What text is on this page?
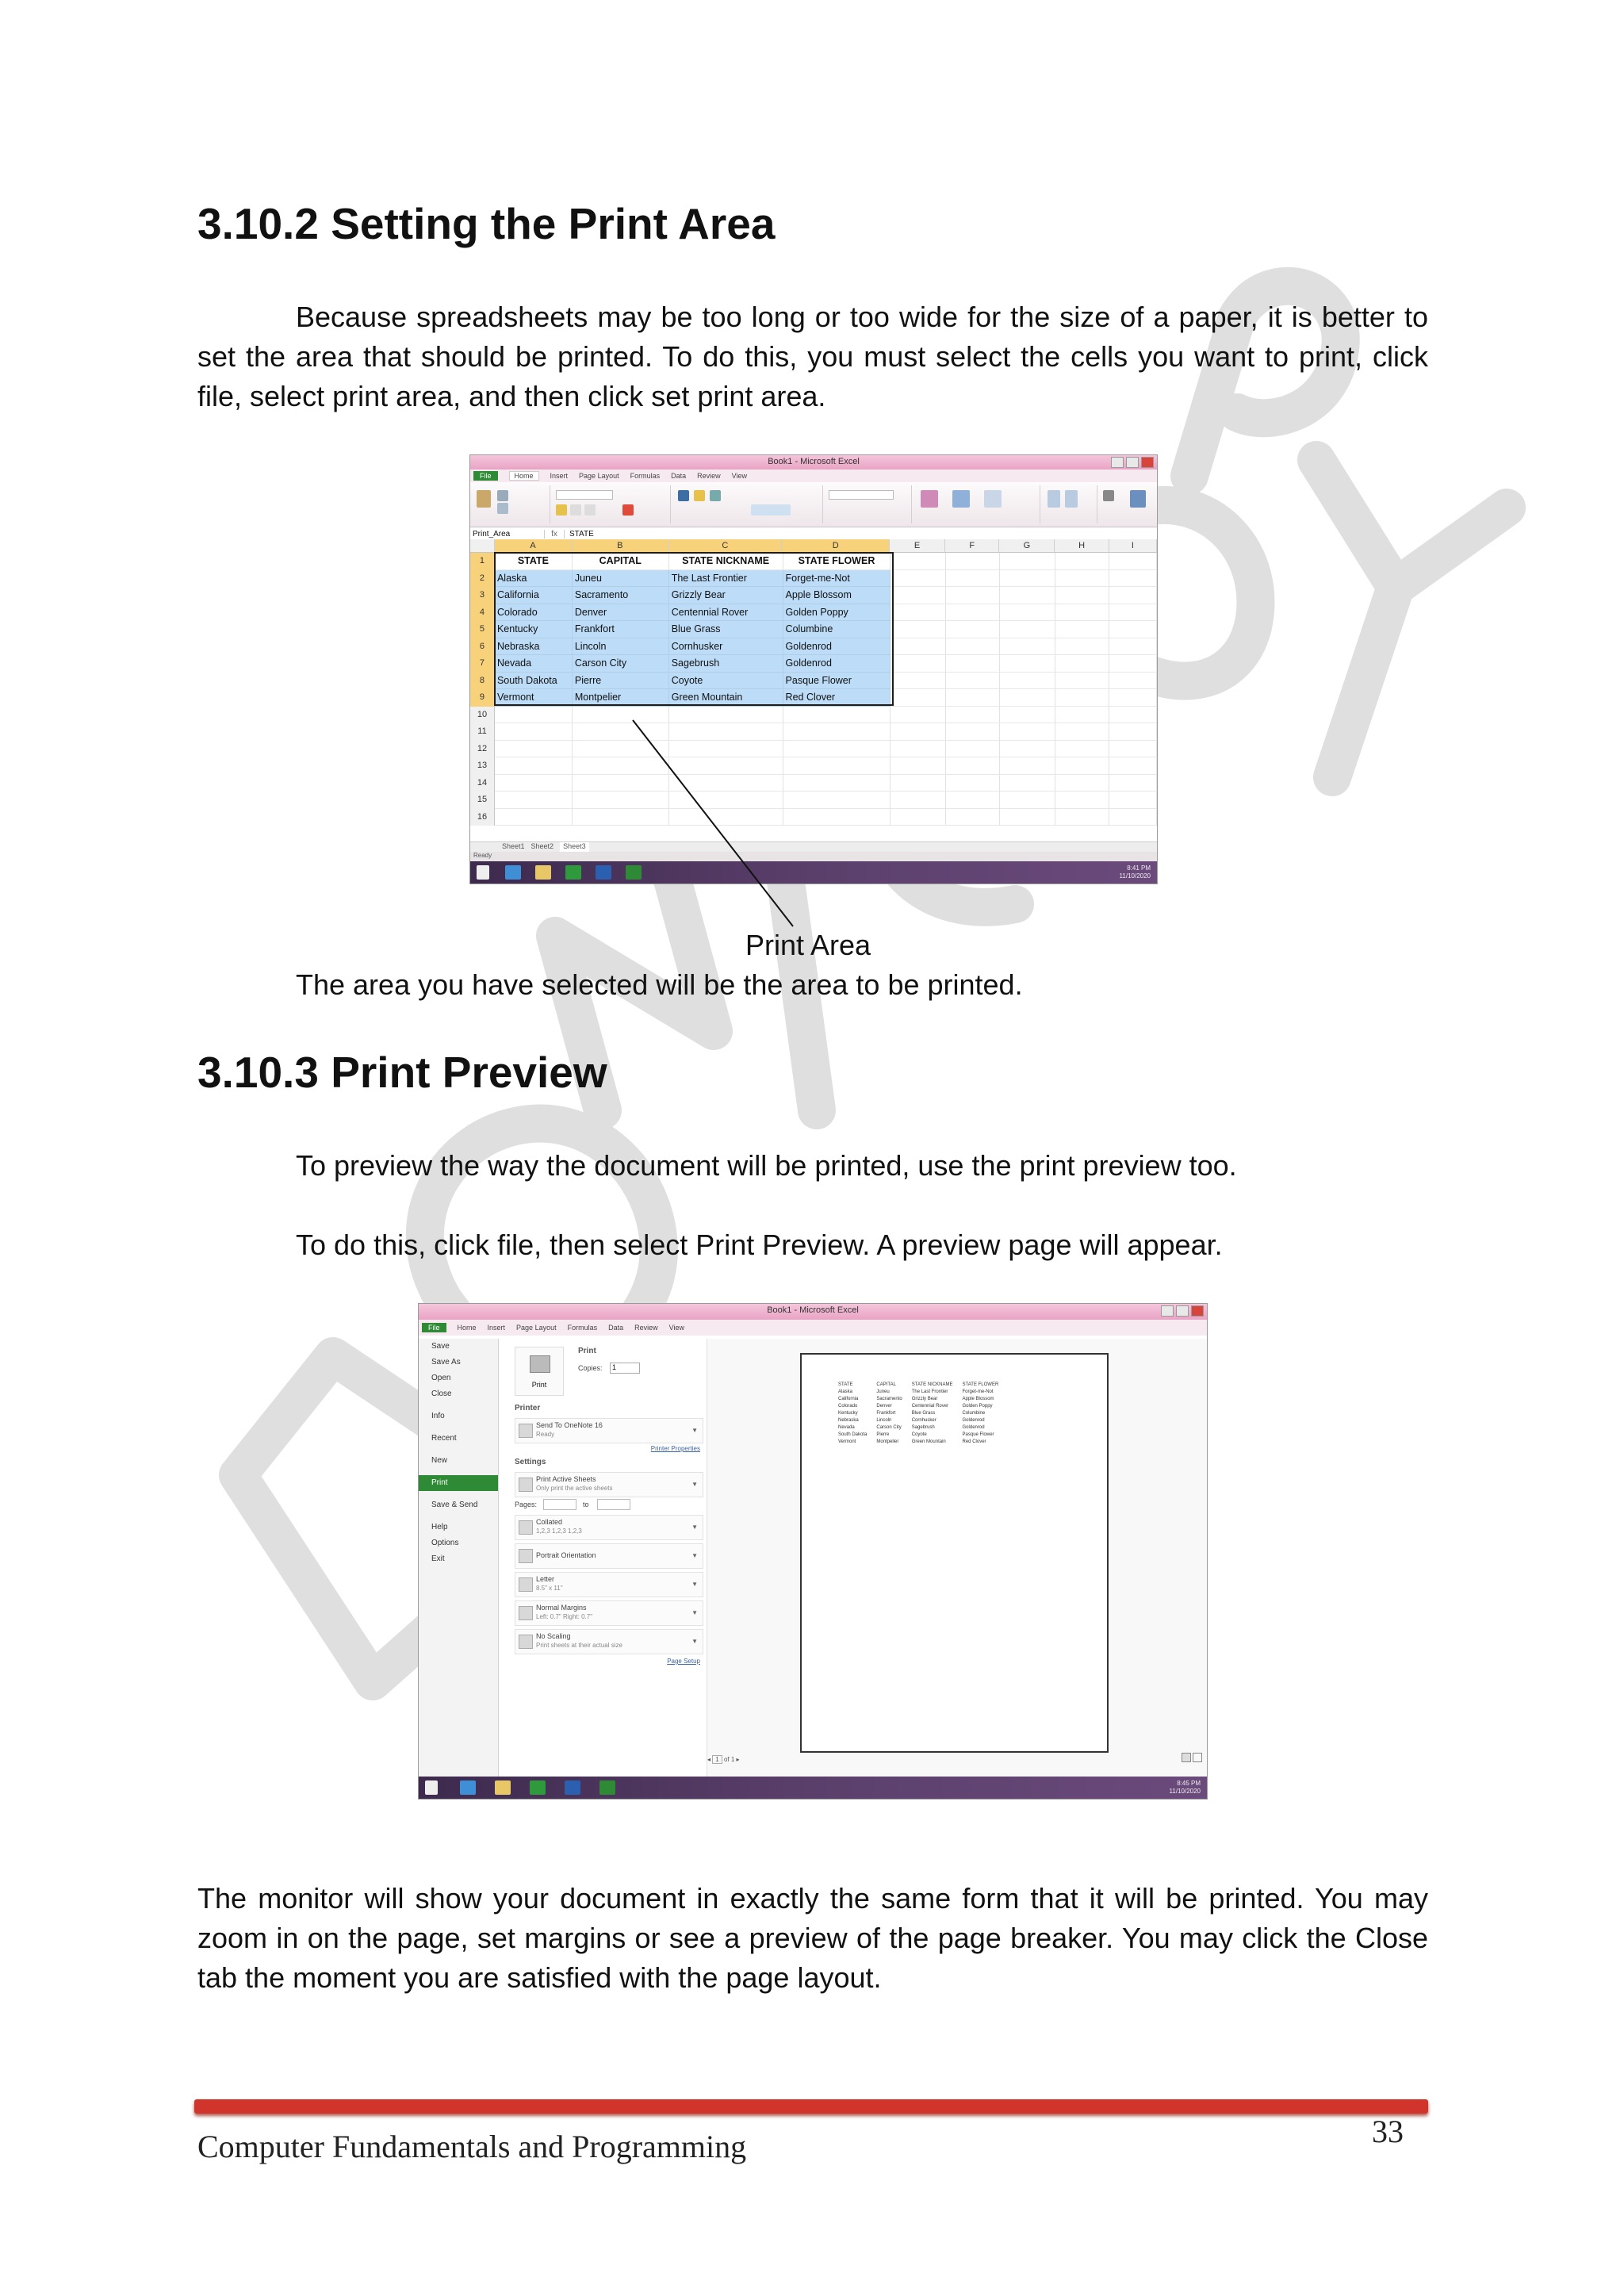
3.10.2 Setting the Print Area
Because spreadsheets may be too long or too wide for the size of a paper, it is better to set the area that should be printed. To do this, you must select the cells you want to print, click file, select print area, and then click set print area.
Book1 - Microsoft Excel
File	Home	Insert Page Layout Formulas Data Review View
Print_Area	fx	STATE
A	B	C	D	E	F	G	H	I
1	STATE	CAPITAL	STATE NICKNAME	STATE FLOWER
2	Alaska	Juneu	The Last Frontier	Forget-me-Not
3	California	Sacramento	Grizzly Bear	Apple Blossom
4	Colorado	Denver	Centennial Rover	Golden Poppy
5	Kentucky	Frankfort	Blue Grass	Columbine
6	Nebraska	Lincoln	Cornhusker	Goldenrod
7	Nevada	Carson City	Sagebrush	Goldenrod
8	South Dakota	Pierre	Coyote	Pasque Flower
9	Vermont	Montpelier	Green Mountain	Red Clover
10
11
12
13
14
15
16
Sheet1 Sheet2	Sheet3
Ready
8:41 PM
11/10/2020
Print Area
The area you have selected will be the area to be printed.
3.10.3 Print Preview
To preview the way the document will be printed, use the print preview too.
To do this, click file, then select Print Preview. A preview page will appear.
Book1 - Microsoft Excel
File	Home Insert Page Layout Formulas Data Review View
Save
Save As
Open
Close
Info
Recent
New
Print
Save & Send
Help
Options
Exit
Print
Print
Copies:	1
Printer
Send To OneNote 16
Ready
▼
Printer Properties
Settings
Print Active Sheets
Only print the active sheets
▼
Pages:	to
Collated
1,2,3 1,2,3 1,2,3
▼
Portrait Orientation	▼
Letter
8.5" x 11"
▼
Normal Margins
Left: 0.7" Right: 0.7"
▼
No Scaling
Print sheets at their actual size
▼
Page Setup
STATE	CAPITAL	STATE NICKNAME	STATE FLOWER
Alaska	Juneu	The Last Frontier	Forget-me-Not
California	Sacramento	Grizzly Bear	Apple Blossom
Colorado	Denver	Centennial Rover	Golden Poppy
Kentucky	Frankfort	Blue Grass	Columbine
Nebraska	Lincoln	Cornhusker	Goldenrod
Nevada	Carson City	Sagebrush	Goldenrod
South Dakota	Pierre	Coyote	Pasque Flower
Vermont	Montpelier	Green Mountain	Red Clover
◂ 1 of 1 ▸
8:45 PM
11/10/2020
The monitor will show your document in exactly the same form that it will be printed. You may zoom in on the page, set margins or see a preview of the page breaker. You may click the Close tab the moment you are satisfied with the page layout.
Computer Fundamentals and Programming	33
